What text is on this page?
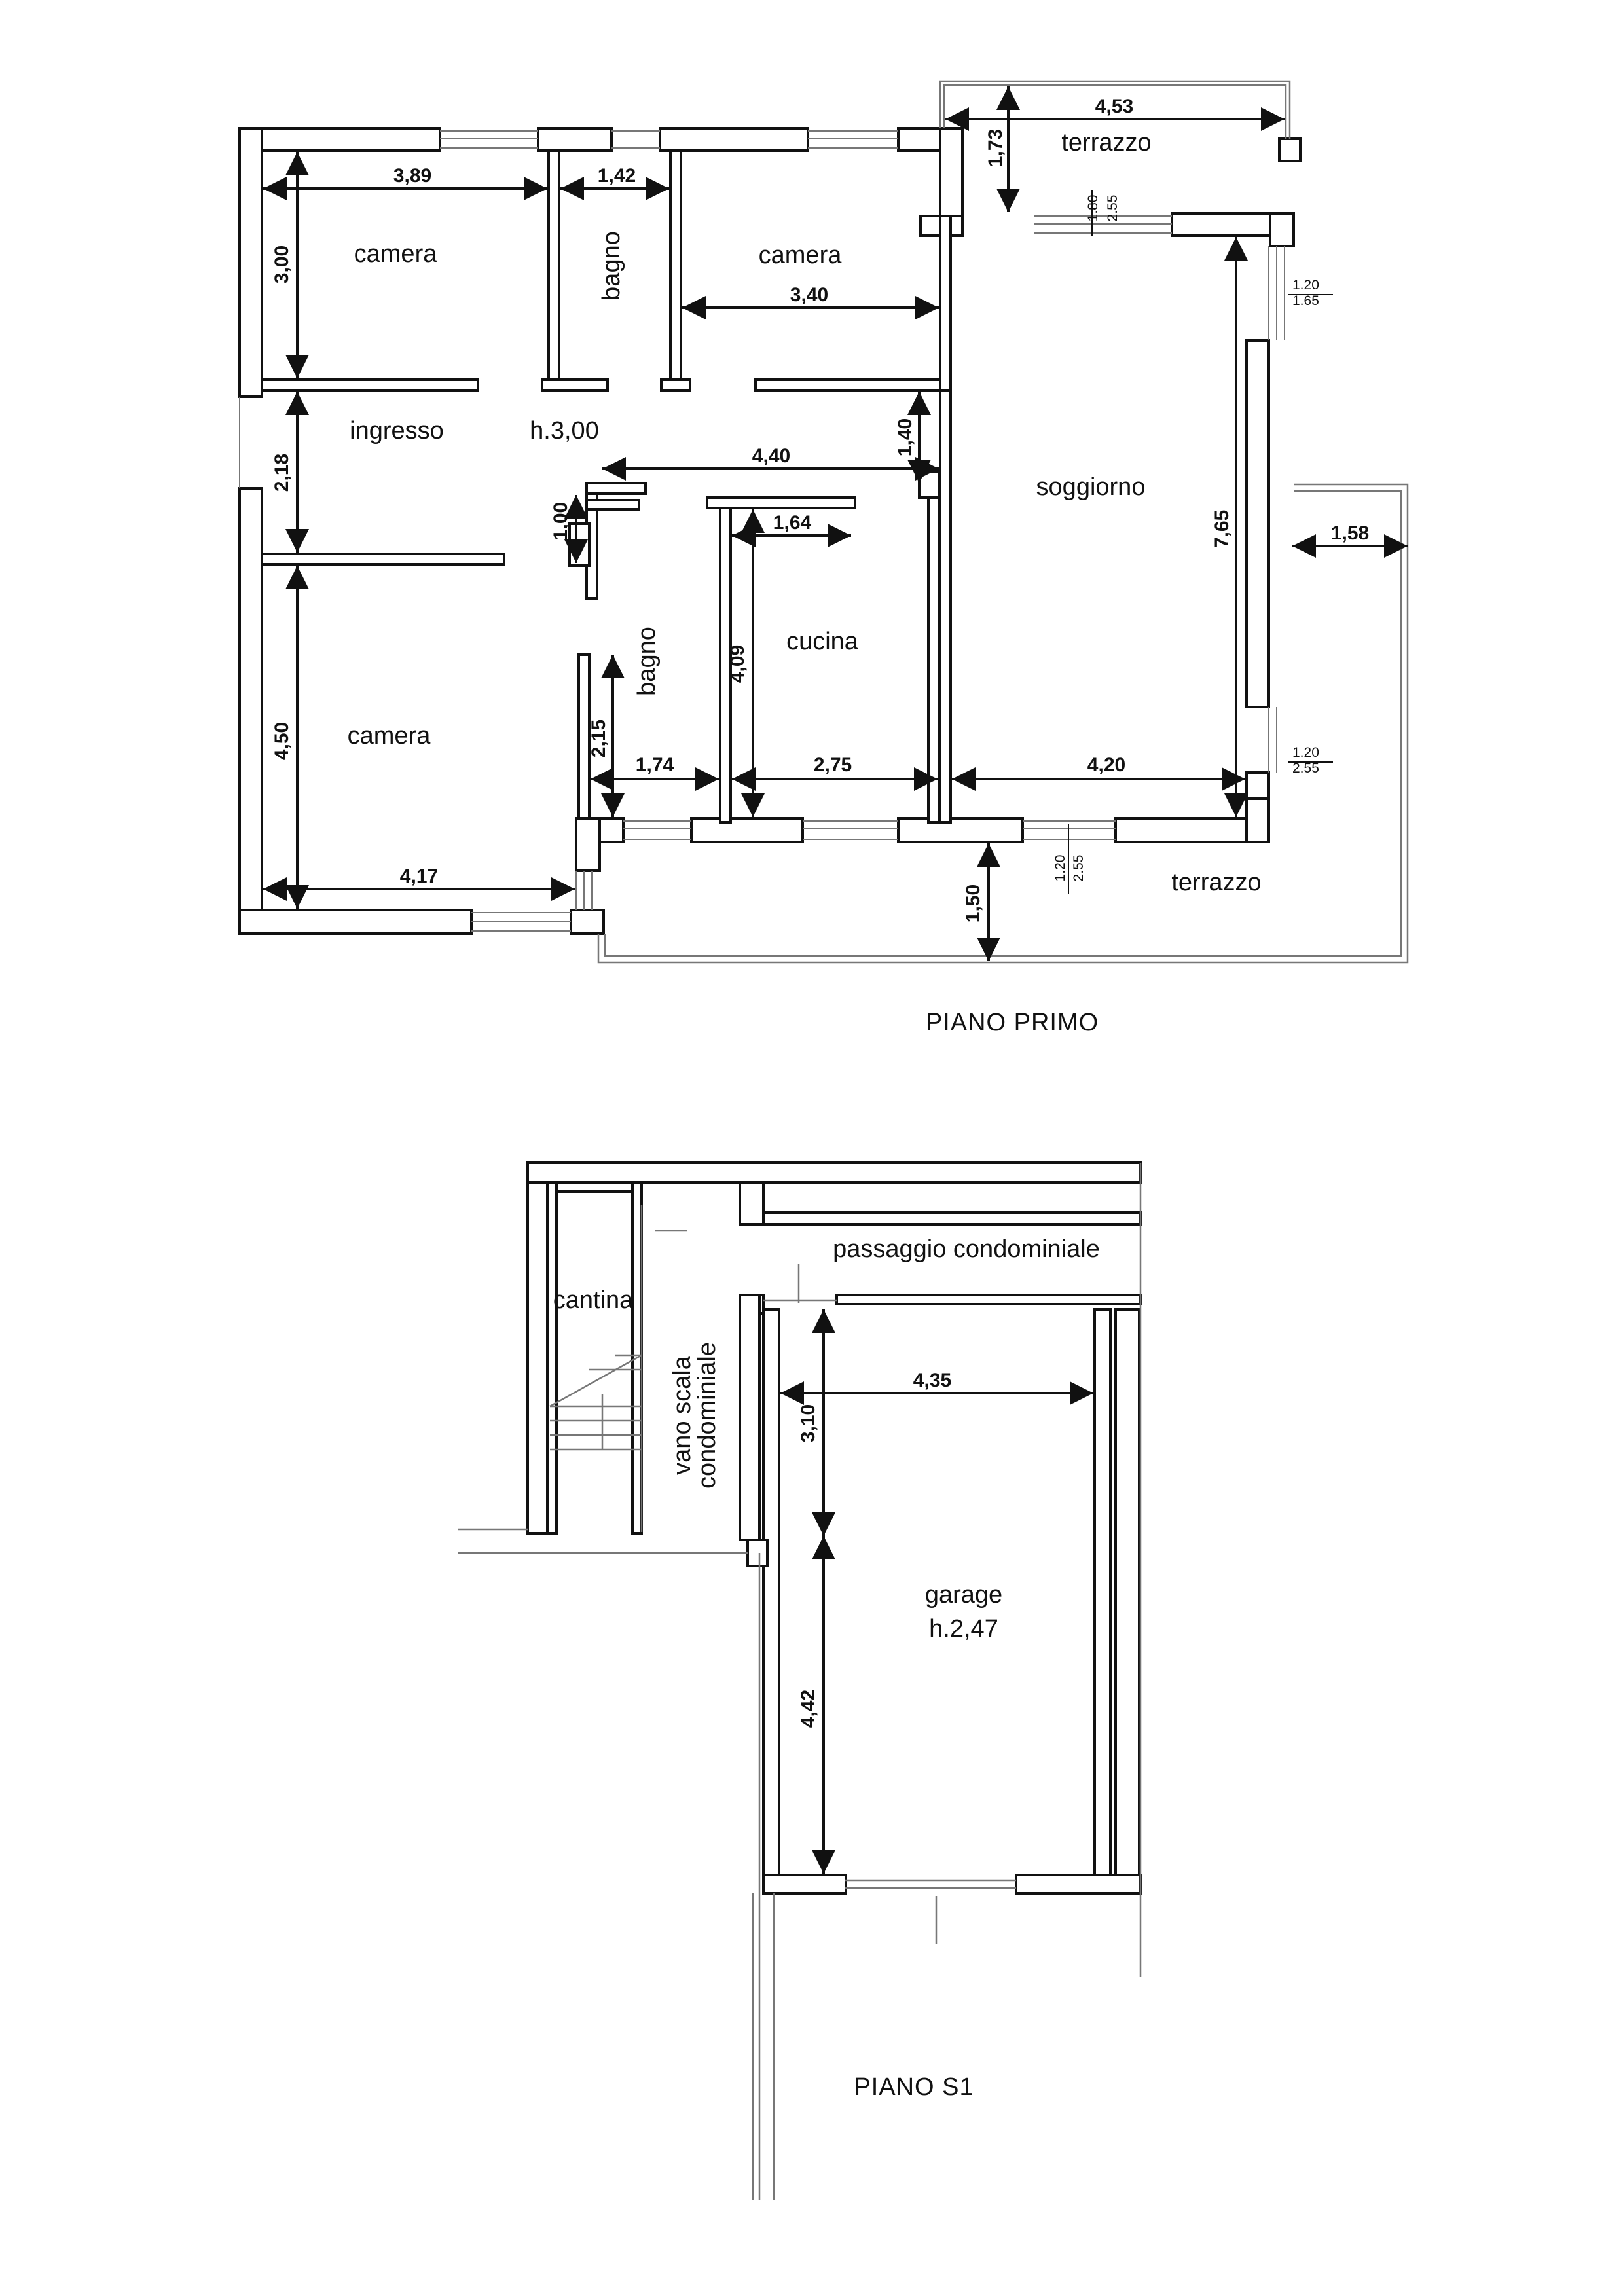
1.80 2.55
1.20
1.65
1.20
2.55
1.20 2.55
camera	bagno	camera
terrazzo
ingresso	h.3,00
soggiorno
cucina
bagno
camera
terrazzo
3,89	1,42
4,53
1,73
3,00
3,40
2,18	4,40	1,40
1,00	1,64	7,65	1,58
4,09
4,50	2,15
1,74	2,75	4,20
4,17
1,50
PIANO PRIMO
cantina
vano scala
condominiale
passaggio condominiale
garage
h.2,47
4,35
3,10
4,42
PIANO S1
